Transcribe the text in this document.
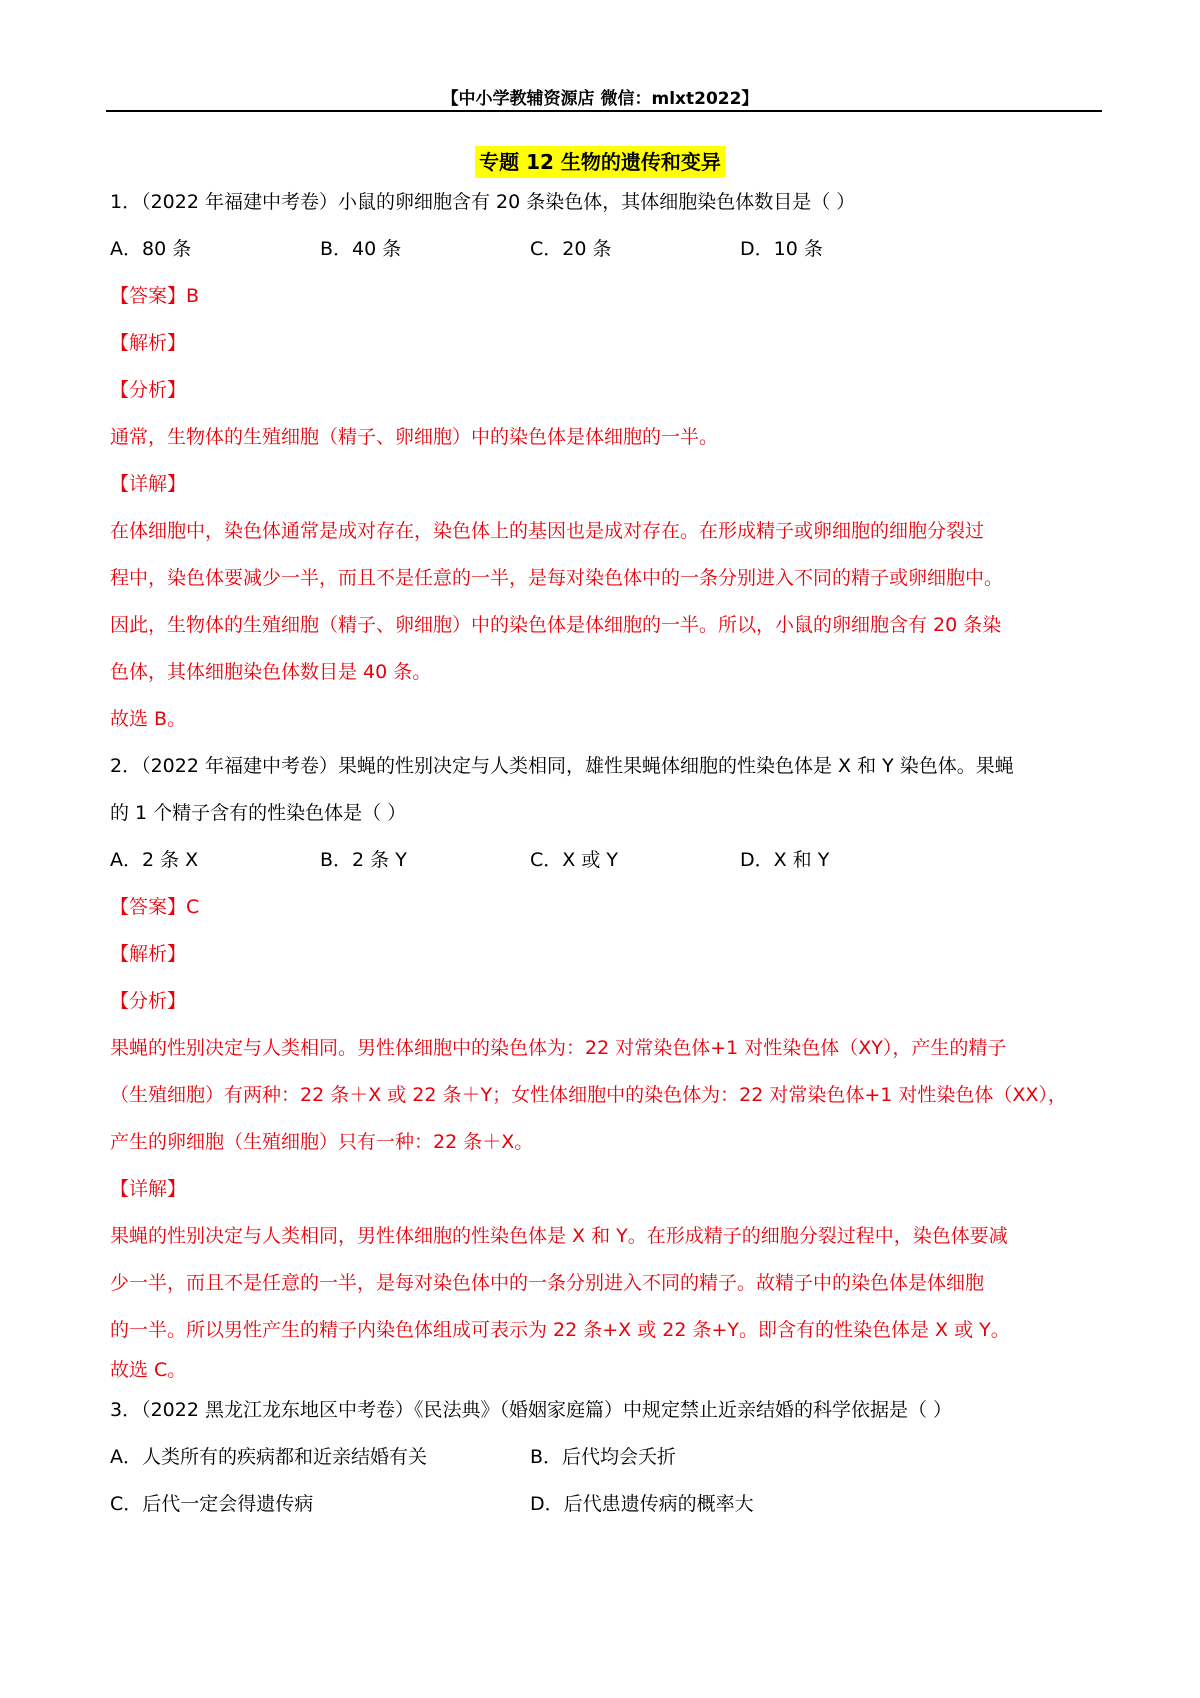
【中小学教辅资源店 微信：mlxt2022】
专题 12 生物的遗传和变异
1．（2022 年福建中考卷）小鼠的卵细胞含有 20 条染色体，其体细胞染色体数目是（ ）
A．80 条	B．40 条	C．20 条	D．10 条
【答案】B
【解析】
【分析】
通常，生物体的生殖细胞（精子、卵细胞）中的染色体是体细胞的一半。
【详解】
在体细胞中，染色体通常是成对存在，染色体上的基因也是成对存在。在形成精子或卵细胞的细胞分裂过
程中，染色体要减少一半，而且不是任意的一半，是每对染色体中的一条分别进入不同的精子或卵细胞中。
因此，生物体的生殖细胞（精子、卵细胞）中的染色体是体细胞的一半。所以，小鼠的卵细胞含有 20 条染
色体，其体细胞染色体数目是 40 条。
故选 B。
2．（2022 年福建中考卷）果蝇的性别决定与人类相同，雄性果蝇体细胞的性染色体是 X 和 Y 染色体。果蝇
的 1 个精子含有的性染色体是（ ）
A．2 条 X	B．2 条 Y	C．X 或 Y	D．X 和 Y
【答案】C
【解析】
【分析】
果蝇的性别决定与人类相同。男性体细胞中的染色体为：22 对常染色体+1 对性染色体（XY），产生的精子
（生殖细胞）有两种：22 条＋X 或 22 条＋Y；女性体细胞中的染色体为：22 对常染色体+1 对性染色体（XX），
产生的卵细胞（生殖细胞）只有一种：22 条＋X。
【详解】
果蝇的性别决定与人类相同，男性体细胞的性染色体是 X 和 Y。在形成精子的细胞分裂过程中，染色体要减
少一半，而且不是任意的一半，是每对染色体中的一条分别进入不同的精子。故精子中的染色体是体细胞
的一半。所以男性产生的精子内染色体组成可表示为 22 条+X 或 22 条+Y。即含有的性染色体是 X 或 Y。
故选 C。
3．（2022 黑龙江龙东地区中考卷）《民法典》（婚姻家庭篇）中规定禁止近亲结婚的科学依据是（ ）
A．人类所有的疾病都和近亲结婚有关	B．后代均会夭折
C．后代一定会得遗传病	D．后代患遗传病的概率大
